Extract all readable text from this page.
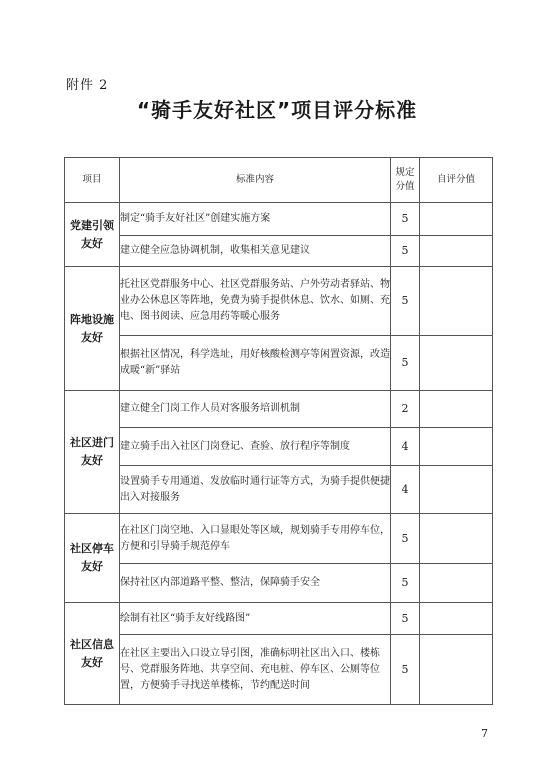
附件 2
“骑手友好社区”项目评分标准
项目	标准内容	规定分值	自评分值
党建引领友好	制定“骑手友好社区”创建实施方案	5	
	建立健全应急协调机制，收集相关意见建议	5	
阵地设施友好	托社区党群服务中心、社区党群服务站、户外劳动者驿站、物业办公休息区等阵地，免费为骑手提供休息、饮水、如厕、充电、图书阅读、应急用药等暖心服务	5	
	根据社区情况，科学选址，用好核酸检测亭等闲置资源，改造成暖“新”驿站	5	
社区进门友好	建立健全门岗工作人员对客服务培训机制	2	
	建立骑手出入社区门岗登记、查验、放行程序等制度	4	
	设置骑手专用通道、发放临时通行证等方式，为骑手提供便捷出入对接服务	4	
社区停车友好	在社区门岗空地、入口显眼处等区域，规划骑手专用停车位，方便和引导骑手规范停车	5	
	保持社区内部道路平整、整洁，保障骑手安全	5	
社区信息友好	绘制有社区“骑手友好线路图”	5	
	在社区主要出入口设立导引图，准确标明社区出入口、楼栋号、党群服务阵地、共享空间、充电桩、停车区、公厕等位置，方便骑手寻找送单楼栋，节约配送时间	5	
7
